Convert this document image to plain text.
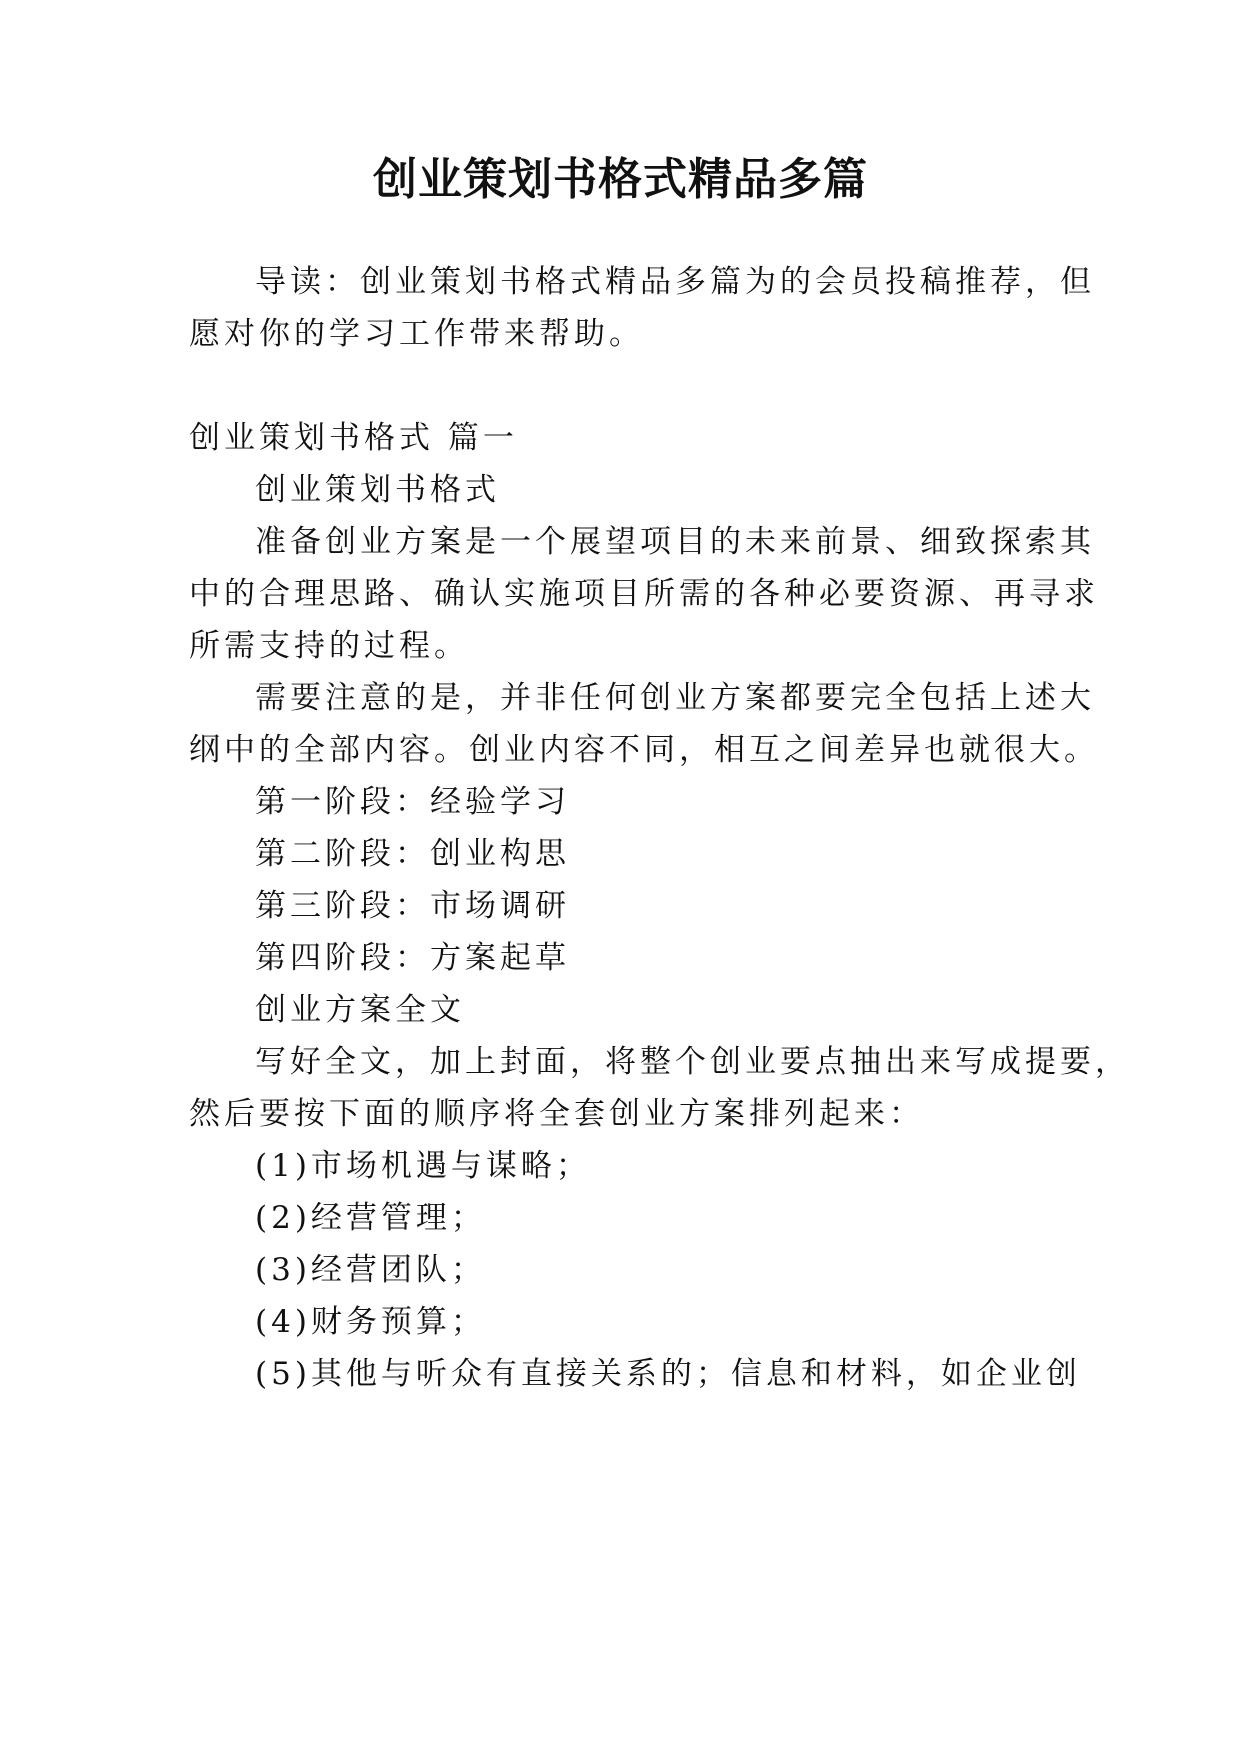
创业策划书格式精品多篇
导读：创业策划书格式精品多篇为的会员投稿推荐，但
愿对你的学习工作带来帮助。
创业策划书格式 篇一
创业策划书格式
准备创业方案是一个展望项目的未来前景、细致探索其
中的合理思路、确认实施项目所需的各种必要资源、再寻求
所需支持的过程。
需要注意的是，并非任何创业方案都要完全包括上述大
纲中的全部内容。创业内容不同，相互之间差异也就很大。
第一阶段：经验学习
第二阶段：创业构思
第三阶段：市场调研
第四阶段：方案起草
创业方案全文
写好全文，加上封面，将整个创业要点抽出来写成提要，
然后要按下面的顺序将全套创业方案排列起来：
(1)市场机遇与谋略；
(2)经营管理；
(3)经营团队；
(4)财务预算；
(5)其他与听众有直接关系的；信息和材料，如企业创
